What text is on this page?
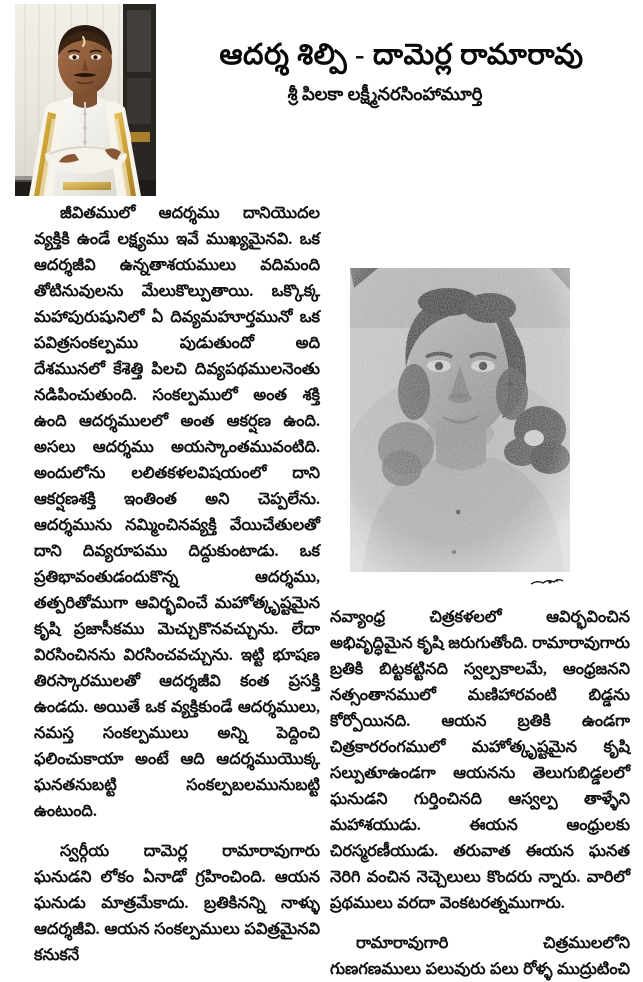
ఆదర్శ శిల్పి - దామెర్ల రామారావు
శ్రీ పిలకా లక్ష్మీనరసింహామూర్తి

జీవితములో ఆదర్శము దానియొదల వ్యక్తికి ఉండే లక్ష్యము ఇవే ముఖ్యమైనవి. ఒక ఆదర్శజీవి ఉన్నతాశయములు వదిమంది తోటినువులను మేలుకొల్పుతాయి. ఒక్కొక్క మహాపురుషునిలో ఏ దివ్యమహూర్తమునో ఒక పవిత్రసంకల్పము పుడుతుందో అది దేశమునలో కేశెత్తి పిలచి దివ్యపథములనెంతు నడిపించుతుంది. సంకల్పములో అంత శక్తి ఉంది ఆదర్శములలో అంత ఆకర్షణ ఉంది. అసలు ఆదర్శము అయస్కాంతమువంటిది. అందులోను లలితకళలవిషయంలో దాని ఆకర్షణశక్తి ఇంతింత అని చెప్పలేను. ఆదర్శమును నమ్మించినవ్యక్తి వేయిచేతులతో దాని దివ్యరూపము దిద్దుకుంటాడు. ఒక ప్రతిభావంతుడందుకొన్న ఆదర్శము, తత్పరితోముగా ఆవిర్భవించే మహోత్కృష్టమైన కృషి ప్రజాసీకము మెచ్చుకొనవచ్చును. లేదా విరసించినను విరసించవచ్చును. ఇట్టి భూషణ తిరస్కారములతో ఆదర్శజీవి కంత ప్రసక్తి ఉండదు. అయితే ఒక వ్యక్తికుండే ఆదర్శములు, నమస్త సంకల్పములు అన్ని పెద్దించి ఫలించుకాయా అంటే ఆది ఆదర్శముయొక్క ఘనతనుబట్టి సంకల్పబలమునుబట్టి ఉంటుంది.

స్వర్గీయ దామెర్ల రామారావుగారు ఘనుడని లోకం ఏనాడో గ్రహించింది. ఆయన ఘనుడు మాత్రమేకాదు. బ్రతికినన్ని నాళ్ళు ఆదర్శజీవి. ఆయన సంకల్పములు పవిత్రమైనవి కనుకనే

నవ్యాంధ్ర చిత్రకళలలో ఆవిర్భవించిన అభివృద్ధిమైన కృషి జరుగుతోంది. రామారావుగారు బ్రతికి బిట్టకట్టినది స్వల్పకాలమే, ఆంధ్రజనని నత్సంతానములో మణిహారవంటి బిడ్డను కోర్పోయినది. ఆయన బ్రతికి ఉండగా చిత్రకారరంగములో మహోత్కృష్టమైన కృషి సల్పుతూఉండగా ఆయనను తెలుగుబిడ్డలలో ఘనుడని గుర్తించినది ఆస్వల్ప తాళ్ళేని మహాశయుడు. ఈయన ఆంధ్రులకు చిరస్మరణీయుడు. తరువాత ఈయన ఘనత నెరిగి వంచిన నెచ్చెలులు కొందరు న్నారు. వారిలో ప్రథములు వరదా వెంకటరత్నముగారు.

రామారావుగారి చిత్రములలోని గుణగణములు పలువురు పలు రోళ్ళ ముద్రుటించి
